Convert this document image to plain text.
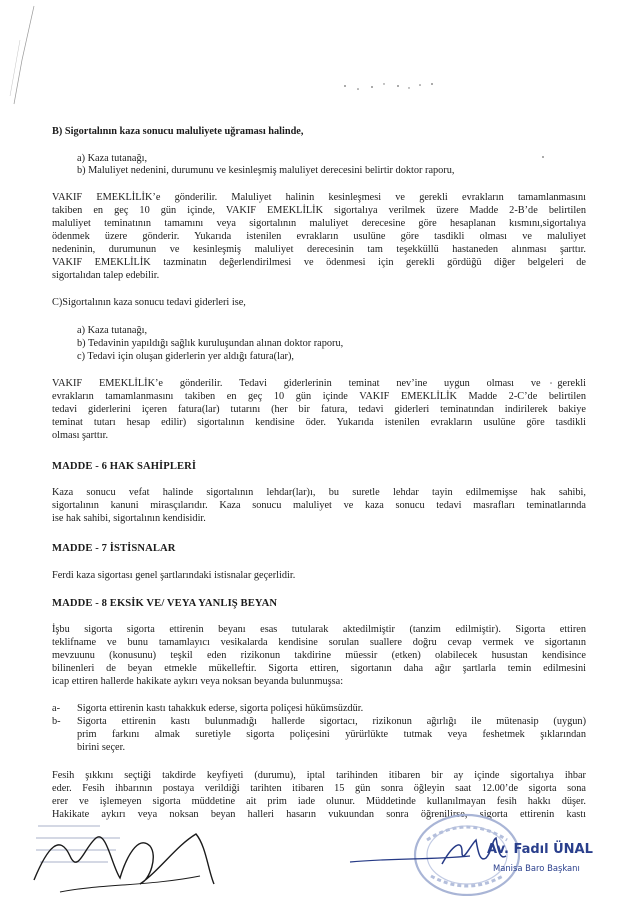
B) Sigortalının kaza sonucu maluliyete uğraması halinde,

a) Kaza tutanağı,

b) Maluliyet nedenini, durumunu ve kesinleşmiş maluliyet derecesini belirtir doktor raporu,

VAKIF EMEKLİLİK’e gönderilir. Maluliyet halinin kesinleşmesi ve gerekli evrakların tamamlanmasını

takiben en geç 10 gün içinde, VAKIF EMEKLİLİK sigortalıya verilmek üzere Madde 2-B’de belirtilen

maluliyet teminatının tamamını veya sigortalının maluliyet derecesine göre hesaplanan kısmını,sigortalıya

ödenmek üzere gönderir. Yukarıda istenilen evrakların usulüne göre tasdikli olması ve maluliyet

nedeninin, durumunun ve kesinleşmiş maluliyet derecesinin tam teşekküllü hastaneden alınması şarttır.

VAKIF EMEKLİLİK tazminatın değerlendirilmesi ve ödenmesi için gerekli gördüğü diğer belgeleri de

sigortalıdan talep edebilir.

C)Sigortalının kaza sonucu tedavi giderleri ise,

a) Kaza tutanağı,

b) Tedavinin yapıldığı sağlık kuruluşundan alınan doktor raporu,

c) Tedavi için oluşan giderlerin yer aldığı fatura(lar),

VAKIF EMEKLİLİK’e gönderilir. Tedavi giderlerinin teminat nev’ine uygun olması ve gerekli

evrakların tamamlanmasını takiben en geç 10 gün içinde VAKIF EMEKLİLİK Madde 2-C’de belirtilen

tedavi giderlerini içeren fatura(lar) tutarını (her bir fatura, tedavi giderleri teminatından indirilerek bakiye

teminat tutarı hesap edilir) sigortalının kendisine öder. Yukarıda istenilen evrakların usulüne göre tasdikli

olması şarttır.

MADDE - 6 HAK SAHİPLERİ

Kaza sonucu vefat halinde sigortalının lehdar(lar)ı, bu suretle lehdar tayin edilmemişse hak sahibi,

sigortalının kanuni mirasçılarıdır. Kaza sonucu maluliyet ve kaza sonucu tedavi masrafları teminatlarında

ise hak sahibi, sigortalının kendisidir.

MADDE - 7 İSTİSNALAR

Ferdi kaza sigortası genel şartlarındaki istisnalar geçerlidir.

MADDE - 8 EKSİK VE/ VEYA YANLIŞ BEYAN

İşbu sigorta sigorta ettirenin beyanı esas tutularak aktedilmiştir (tanzim edilmiştir). Sigorta ettiren

teklifname ve bunu tamamlayıcı vesikalarda kendisine sorulan suallere doğru cevap vermek ve sigortanın

mevzuunu (konusunu) teşkil eden rizikonun takdirine müessir (etken) olabilecek husustan kendisince

bilinenleri de beyan etmekle mükelleftir. Sigorta ettiren, sigortanın daha ağır şartlarla temin edilmesini

icap ettiren hallerde hakikate aykırı veya noksan beyanda bulunmuşsa:

a- Sigorta ettirenin kastı tahakkuk ederse, sigorta poliçesi hükümsüzdür.

b- Sigorta ettirenin kastı bulunmadığı hallerde sigortacı, rizikonun ağırlığı ile mütenasip (uygun)

prim farkını almak suretiyle sigorta poliçesini yürürlükte tutmak veya feshetmek şıklarından

birini seçer.

Fesih şıkkını seçtiği takdirde keyfiyeti (durumu), iptal tarihinden itibaren bir ay içinde sigortalıya ihbar

eder. Fesih ihbarının postaya verildiği tarihten itibaren 15 gün sonra öğleyin saat 12.00’de sigorta sona

erer ve işlemeyen sigorta müddetine ait prim iade olunur. Müddetinde kullanılmayan fesih hakkı düşer.

Hakikate aykırı veya noksan beyan halleri hasarın vukuundan sonra öğrenilirse, sigorta ettirenin kastı

Av. Fadıl ÜNAL
Manisa Baro Başkanı
